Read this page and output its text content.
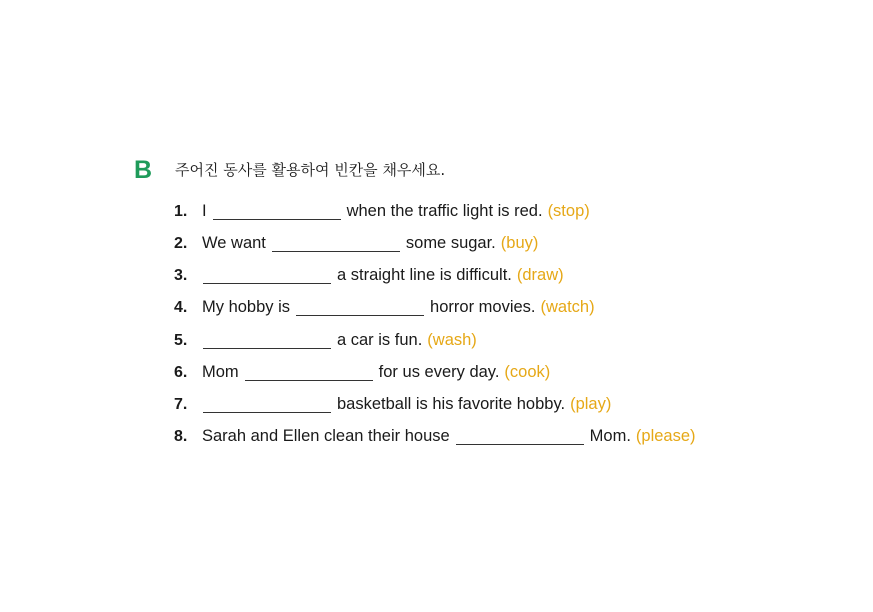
B 주어진 동사를 활용하여 빈칸을 채우세요.
1. I	when the traffic light is red. (stop)
2. We want	some sugar. (buy)
3.	a straight line is difficult. (draw)
4. My hobby is	horror movies. (watch)
5.	a car is fun. (wash)
6. Mom	for us every day. (cook)
7.	basketball is his favorite hobby. (play)
8. Sarah and Ellen clean their house	Mom. (please)
